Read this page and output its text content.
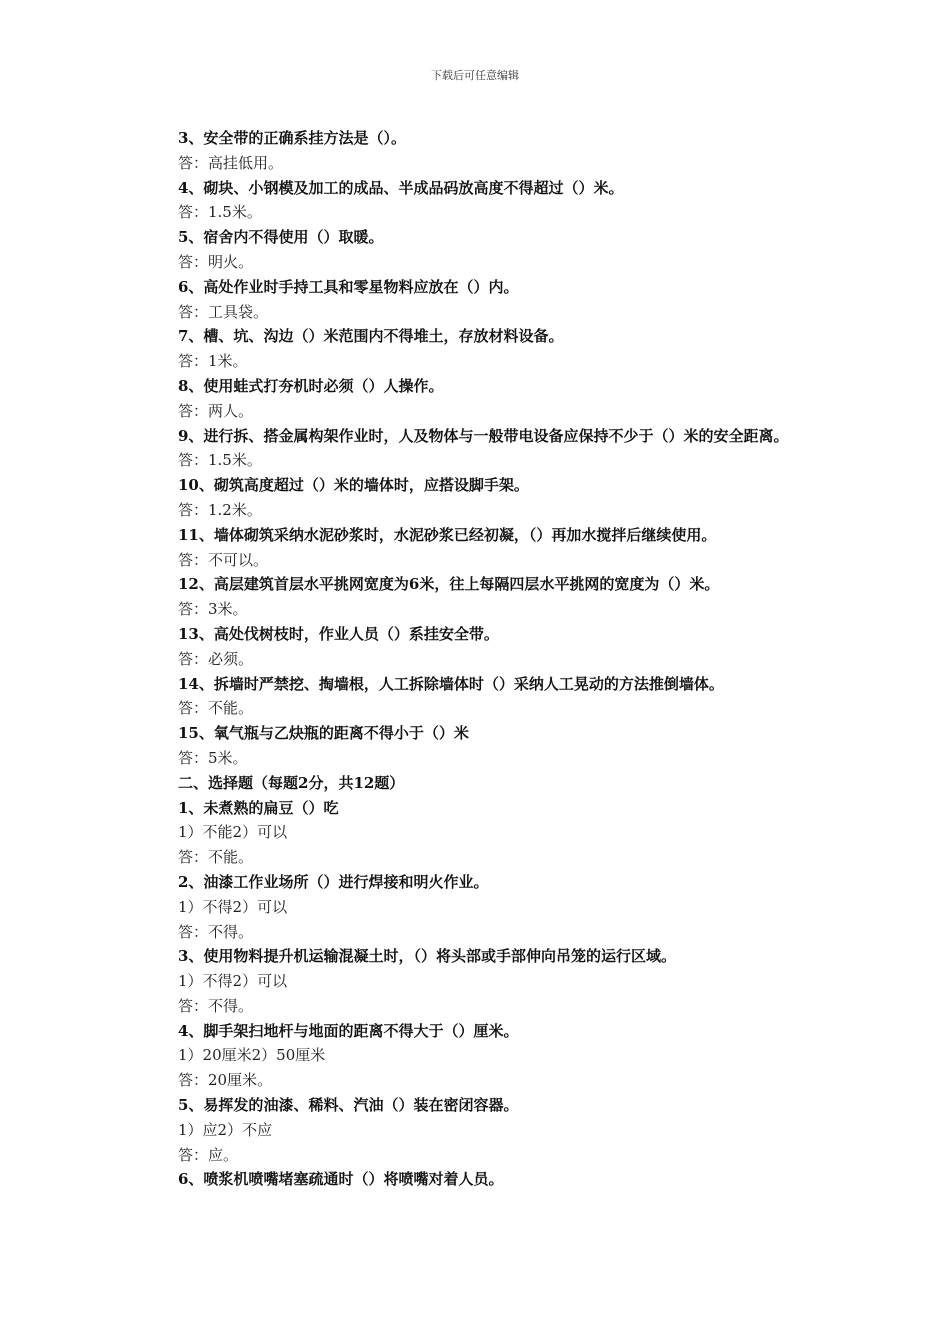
下载后可任意编辑

3、安全带的正确系挂方法是（）。

答：高挂低用。

4、砌块、小钢模及加工的成品、半成品码放高度不得超过（）米。

答：1.5米。

5、宿舍内不得使用（）取暖。

答：明火。

6、高处作业时手持工具和零星物料应放在（）内。

答：工具袋。

7、槽、坑、沟边（）米范围内不得堆土，存放材料设备。

答：1米。

8、使用蛙式打夯机时必须（）人操作。

答：两人。

9、进行拆、搭金属构架作业时，人及物体与一般带电设备应保持不少于（）米的安全距离。

答：1.5米。

10、砌筑高度超过（）米的墙体时，应搭设脚手架。

答：1.2米。

11、墙体砌筑采纳水泥砂浆时，水泥砂浆已经初凝，（）再加水搅拌后继续使用。

答：不可以。

12、高层建筑首层水平挑网宽度为6米，往上每隔四层水平挑网的宽度为（）米。

答：3米。

13、高处伐树枝时，作业人员（）系挂安全带。

答：必须。

14、拆墙时严禁挖、掏墙根，人工拆除墙体时（）采纳人工晃动的方法推倒墙体。

答：不能。

15、氧气瓶与乙炔瓶的距离不得小于（）米

答：5米。

二、选择题（每题2分，共12题）

1、未煮熟的扁豆（）吃

1）不能2）可以

答：不能。

2、油漆工作业场所（）进行焊接和明火作业。

1）不得2）可以

答：不得。

3、使用物料提升机运输混凝土时，（）将头部或手部伸向吊笼的运行区域。

1）不得2）可以

答：不得。

4、脚手架扫地杆与地面的距离不得大于（）厘米。

1）20厘米2）50厘米

答：20厘米。

5、易挥发的油漆、稀料、汽油（）装在密闭容器。

1）应2）不应

答：应。

6、喷浆机喷嘴堵塞疏通时（）将喷嘴对着人员。
